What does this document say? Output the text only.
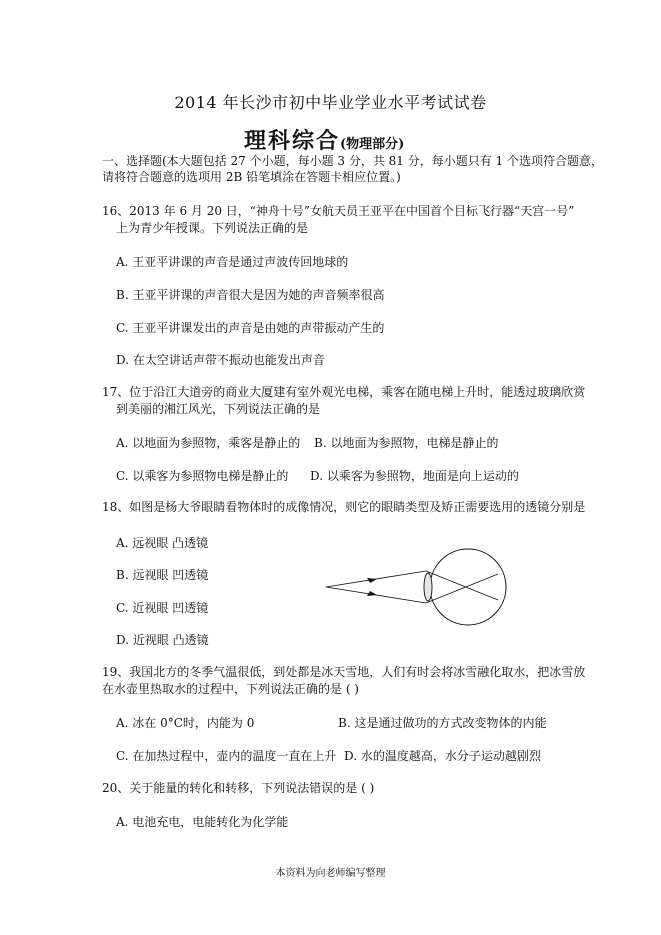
2014 年长沙市初中毕业学业水平考试试卷
理科综合(物理部分)
一、选择题(本大题包括 27 个小题，每小题 3 分，共 81 分，每小题只有 1 个选项符合题意，
请将符合题意的选项用 2B 铅笔填涂在答题卡相应位置。)
16、2013 年 6 月 20 日，“神舟十号”女航天员王亚平在中国首个目标飞行器“天宫一号”
上为青少年授课。下列说法正确的是
A. 王亚平讲课的声音是通过声波传回地球的
B. 王亚平讲课的声音很大是因为她的声音频率很高
C. 王亚平讲课发出的声音是由她的声带振动产生的
D. 在太空讲话声带不振动也能发出声音
17、位于沿江大道旁的商业大厦建有室外观光电梯，乘客在随电梯上升时，能透过玻璃欣赏
到美丽的湘江风光，下列说法正确的是
A. 以地面为参照物，乘客是静止的 B. 以地面为参照物，电梯是静止的
C. 以乘客为参照物电梯是静止的 D. 以乘客为参照物，地面是向上运动的
18、如图是杨大爷眼睛看物体时的成像情况，则它的眼睛类型及矫正需要选用的透镜分别是
A. 远视眼 凸透镜
B. 远视眼 凹透镜
C. 近视眼 凹透镜
D. 近视眼 凸透镜
19、我国北方的冬季气温很低，到处都是冰天雪地，人们有时会将冰雪融化取水，把冰雪放
在水壶里热取水的过程中，下列说法正确的是 ( )
A. 冰在 0°C时，内能为 0	B. 这是通过做功的方式改变物体的内能
C. 在加热过程中，壶内的温度一直在上升 D. 水的温度越高，水分子运动越剧烈
20、关于能量的转化和转移，下列说法错误的是 ( )
A. 电池充电，电能转化为化学能
本资料为向老师编写整理
